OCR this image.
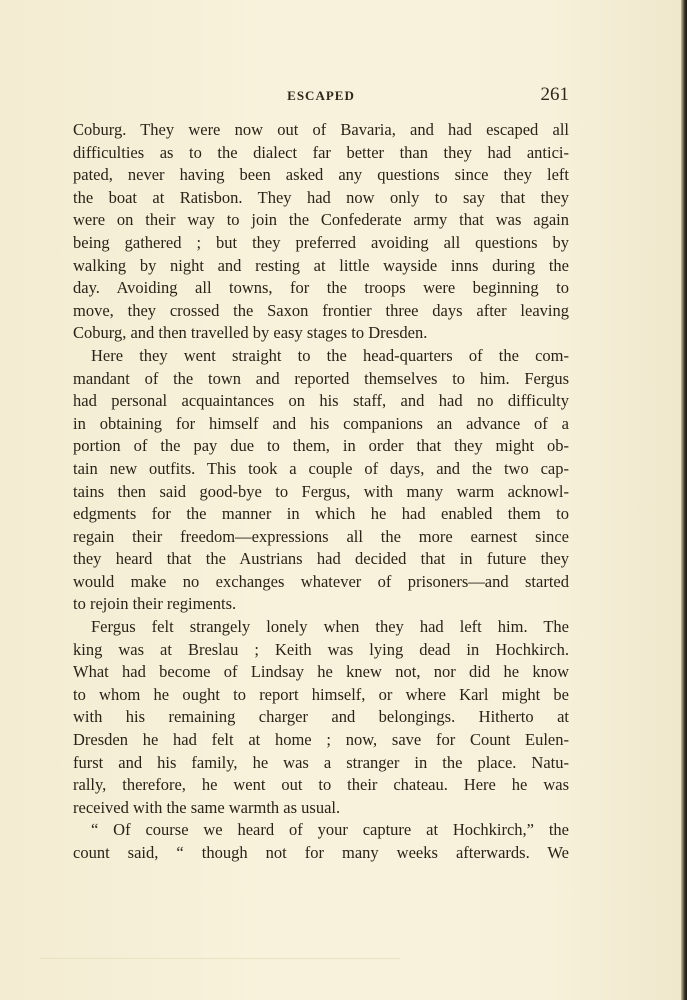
ESCAPED	261
Coburg. They were now out of Bavaria, and had escaped all
difficulties as to the dialect far better than they had antici-
pated, never having been asked any questions since they left
the boat at Ratisbon. They had now only to say that they
were on their way to join the Confederate army that was again
being gathered ; but they preferred avoiding all questions by
walking by night and resting at little wayside inns during the
day. Avoiding all towns, for the troops were beginning to
move, they crossed the Saxon frontier three days after leaving
Coburg, and then travelled by easy stages to Dresden.
Here they went straight to the head-quarters of the com-
mandant of the town and reported themselves to him. Fergus
had personal acquaintances on his staff, and had no difficulty
in obtaining for himself and his companions an advance of a
portion of the pay due to them, in order that they might ob-
tain new outfits. This took a couple of days, and the two cap-
tains then said good-bye to Fergus, with many warm acknowl-
edgments for the manner in which he had enabled them to
regain their freedom—expressions all the more earnest since
they heard that the Austrians had decided that in future they
would make no exchanges whatever of prisoners—and started
to rejoin their regiments.
Fergus felt strangely lonely when they had left him. The
king was at Breslau ; Keith was lying dead in Hochkirch.
What had become of Lindsay he knew not, nor did he know
to whom he ought to report himself, or where Karl might be
with his remaining charger and belongings. Hitherto at
Dresden he had felt at home ; now, save for Count Eulen-
furst and his family, he was a stranger in the place. Natu-
rally, therefore, he went out to their chateau. Here he was
received with the same warmth as usual.
“ Of course we heard of your capture at Hochkirch,” the
count said, “ though not for many weeks afterwards. We
